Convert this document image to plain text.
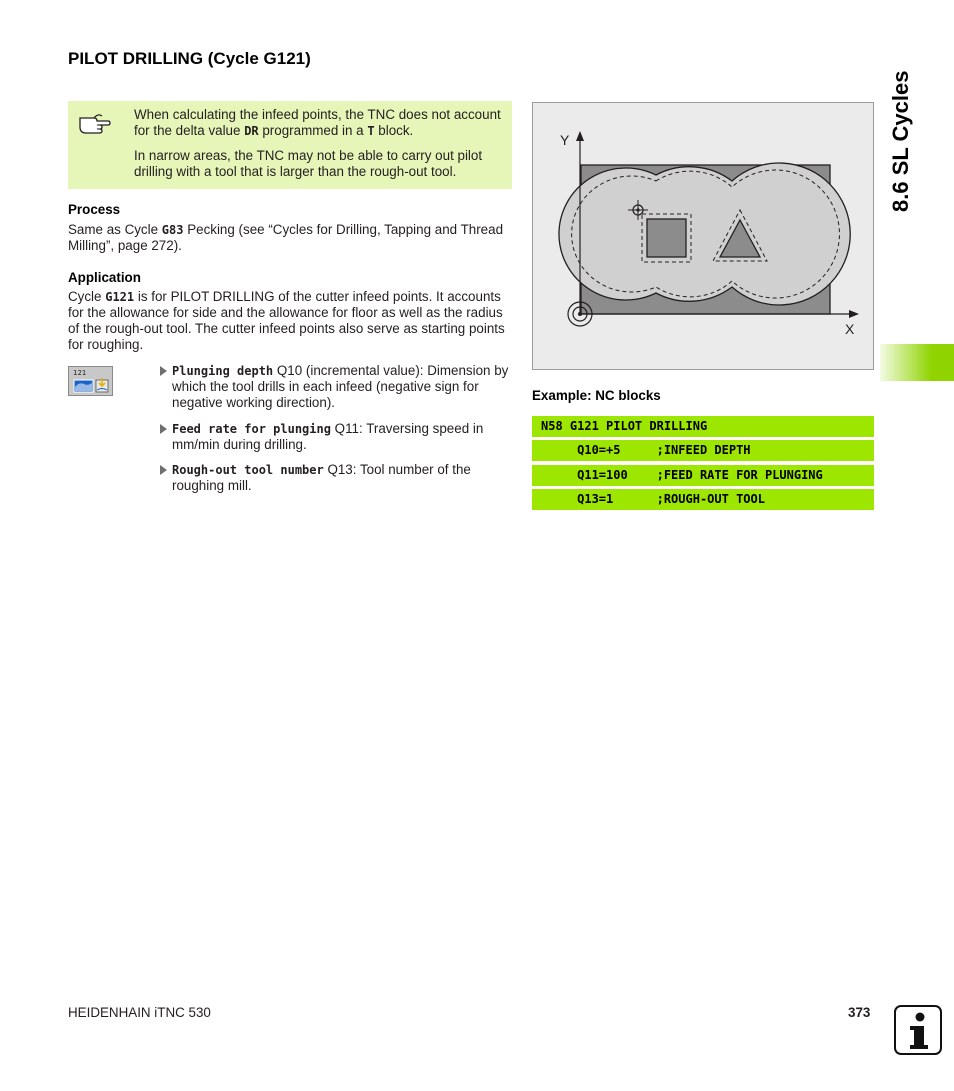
PILOT DRILLING (Cycle G121)
When calculating the infeed points, the TNC does not account for the delta value DR programmed in a T block.
In narrow areas, the TNC may not be able to carry out pilot drilling with a tool that is larger than the rough-out tool.
Process
Same as Cycle G83 Pecking (see “Cycles for Drilling, Tapping and Thread Milling”, page 272).
Application
Cycle G121 is for PILOT DRILLING of the cutter infeed points. It accounts for the allowance for side and the allowance for floor as well as the radius of the rough-out tool. The cutter infeed points also serve as starting points for roughing.
121	Plunging depth Q10 (incremental value): Dimension by which the tool drills in each infeed (negative sign for negative working direction).
Feed rate for plunging Q11: Traversing speed in mm/min during drilling.
Rough-out tool number Q13: Tool number of the roughing mill.
Y
X
Example: NC blocks
N58 G121 PILOT DRILLING
Q10=+5     ;INFEED DEPTH
Q11=100    ;FEED RATE FOR PLUNGING
Q13=1      ;ROUGH-OUT TOOL
8.6 SL Cycles
HEIDENHAIN iTNC 530	373
